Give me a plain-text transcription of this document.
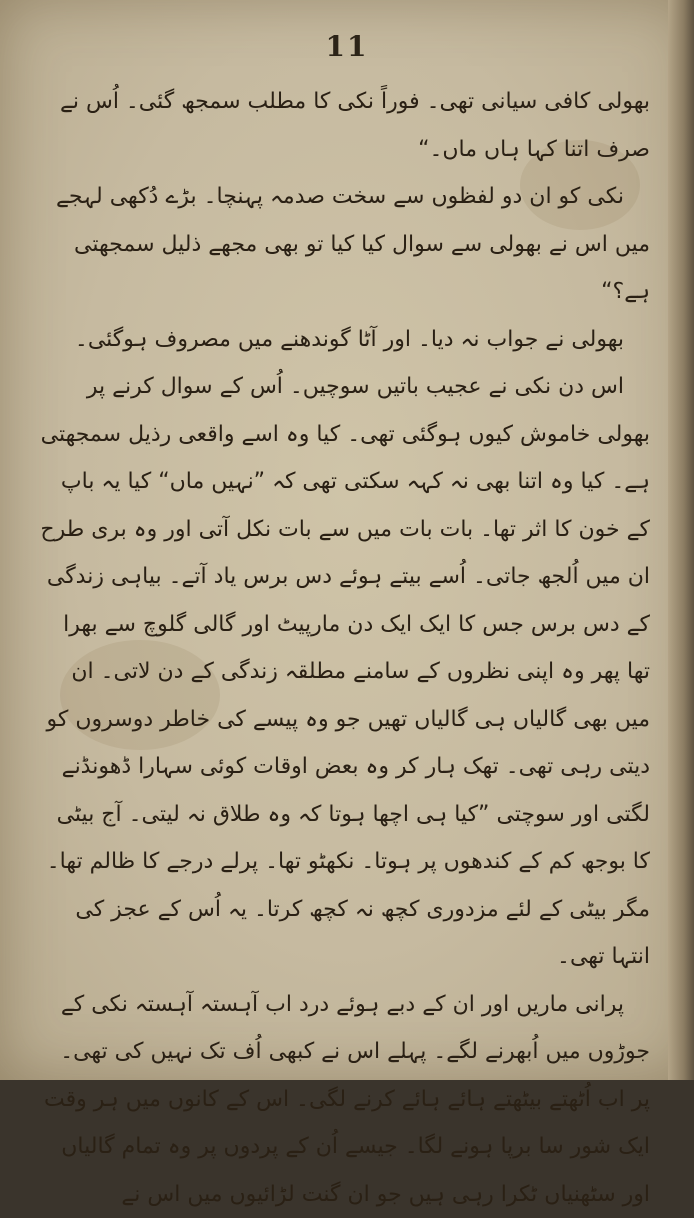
11

بھولی کافی سیانی تھی۔ فوراً نکی کا مطلب سمجھ گئی۔ اُس نے صرف اتنا کہا ہاں ماں۔“

نکی کو ان دو لفظوں سے سخت صدمہ پہنچا۔ بڑے دُکھی لہجے میں اس نے بھولی سے سوال کیا کیا تو بھی مجھے ذلیل سمجھتی ہے؟“

بھولی نے جواب نہ دیا۔ اور آٹا گوندھنے میں مصروف ہوگئی۔

اس دن نکی نے عجیب باتیں سوچیں۔ اُس کے سوال کرنے پر بھولی خاموش کیوں ہوگئی تھی۔ کیا وہ اسے واقعی رذیل سمجھتی ہے۔ کیا وہ اتنا بھی نہ کہہ سکتی تھی کہ ”نہیں ماں“ کیا یہ باپ کے خون کا اثر تھا۔ بات بات میں سے بات نکل آتی اور وہ بری طرح ان میں اُلجھ جاتی۔ اُسے بیتے ہوئے دس برس یاد آتے۔ بیاہی زندگی کے دس برس جس کا ایک ایک دن مارپیٹ اور گالی گلوچ سے بھرا تھا پھر وہ اپنی نظروں کے سامنے مطلقہ زندگی کے دن لاتی۔ ان میں بھی گالیاں ہی گالیاں تھیں جو وہ پیسے کی خاطر دوسروں کو دیتی رہی تھی۔ تھک ہار کر وہ بعض اوقات کوئی سہارا ڈھونڈنے لگتی اور سوچتی ”کیا ہی اچھا ہوتا کہ وہ طلاق نہ لیتی۔ آج بیٹی کا بوجھ کم کے کندھوں پر ہوتا۔ نکھٹو تھا۔ پرلے درجے کا ظالم تھا۔ مگر بیٹی کے لئے مزدوری کچھ نہ کچھ کرتا۔ یہ اُس کے عجز کی انتہا تھی۔

پرانی ماریں اور ان کے دبے ہوئے درد اب آہستہ آہستہ نکی کے جوڑوں میں اُبھرنے لگے۔ پہلے اس نے کبھی اُف تک نہیں کی تھی۔ پر اب اُٹھتے بیٹھتے ہائے ہائے کرنے لگی۔ اس کے کانوں میں ہر وقت ایک شور سا برپا ہونے لگا۔ جیسے اُن کے پردوں پر وہ تمام گالیاں اور سٹھنیاں ٹکرا رہی ہیں جو ان گنت لڑائیوں میں اس نے
